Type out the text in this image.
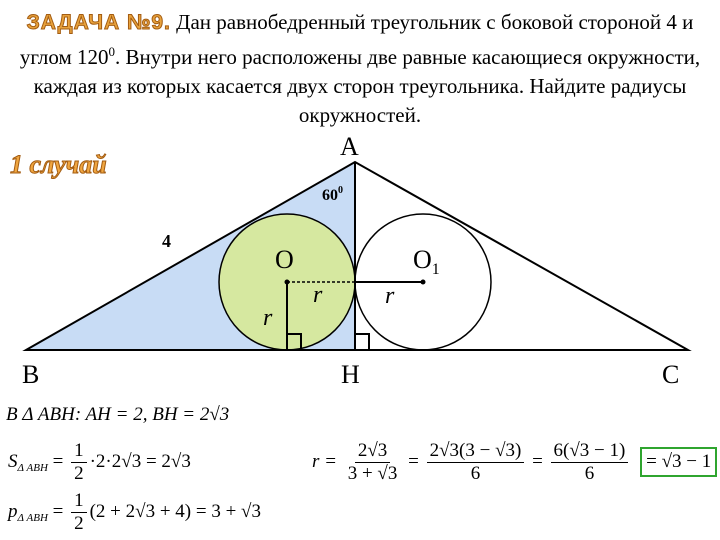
ЗАДАЧА №9. Дан равнобедренный треугольник с боковой стороной 4 и углом $120^0$. Внутри него расположены две равные касающиеся окружности, каждая из которых касается двух сторон треугольника. Найдите радиусы окружностей.
1 случай
A
B	C
H
O	$O_1$
4
$60^0$
r	r
r
B Δ ABH: AH = 2, BH = 2√3
$S_{\Delta ABH} = \frac{1}{2} \cdot 2\cdot 2√3 = 2√3$
$p_{\Delta ABH} = \frac{1}{2} (2 + 2√3 + 4) = 3 + √3$
$r = \frac{2√3}{3 + √3} = \frac{2√3(3 - √3)}{6} = \frac{6(√3 - 1)}{6} = √3 - 1$
